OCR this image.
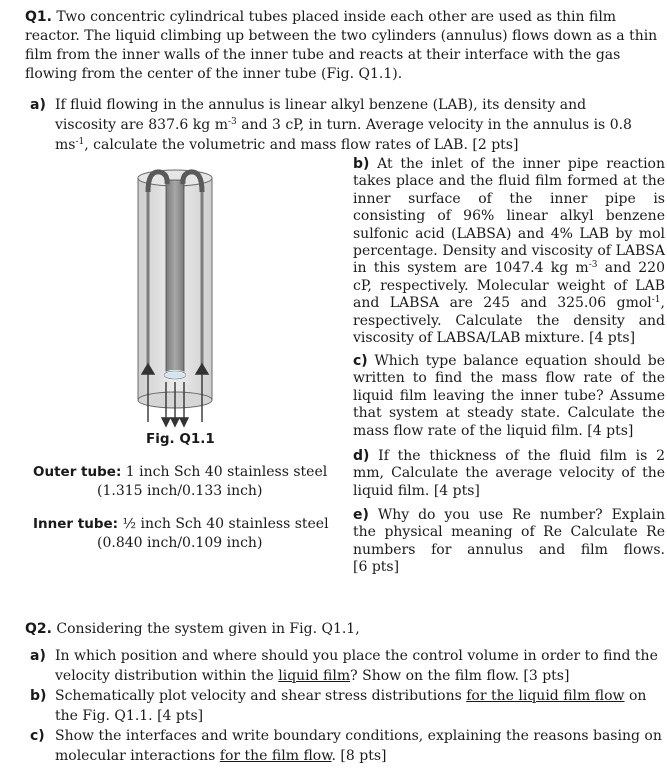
Q1. Two concentric cylindrical tubes placed inside each other are used as thin film
reactor. The liquid climbing up between the two cylinders (annulus) flows down as a thin
film from the inner walls of the inner tube and reacts at their interface with the gas
flowing from the center of the inner tube (Fig. Q1.1).
a) If fluid flowing in the annulus is linear alkyl benzene (LAB), its density and
viscosity are 837.6 kg $m^{-3}$ and 3 cP, in turn. Average velocity in the annulus is 0.8
$ms^{-1}$, calculate the volumetric and mass flow rates of LAB. [2 pts]
Fig. Q1.1
Outer tube: 1 inch Sch 40 stainless steel
(1.315 inch/0.133 inch)
Inner tube: ½ inch Sch 40 stainless steel
(0.840 inch/0.109 inch)
b) At the inlet of the inner pipe reaction
takes place and the fluid film formed at the
inner surface of the inner pipe is
consisting of 96% linear alkyl benzene
sulfonic acid (LABSA) and 4% LAB by mol
percentage. Density and viscosity of LABSA
in this system are 1047.4 kg $m^{-3}$ and 220
cP, respectively. Molecular weight of LAB
and LABSA are 245 and 325.06 gmol$^{-1}$,
respectively. Calculate the density and
viscosity of LABSA/LAB mixture. [4 pts]
c) Which type balance equation should be
written to find the mass flow rate of the
liquid film leaving the inner tube? Assume
that system at steady state. Calculate the
mass flow rate of the liquid film. [4 pts]
d) If the thickness of the fluid film is 2
mm, Calculate the average velocity of the
liquid film. [4 pts]
e) Why do you use Re number? Explain
the physical meaning of Re Calculate Re
numbers for annulus and film flows.
[6 pts]
Q2. Considering the system given in Fig. Q1.1,
a) In which position and where should you place the control volume in order to find the
velocity distribution within the liquid film? Show on the film flow. [3 pts]
b) Schematically plot velocity and shear stress distributions for the liquid film flow on
the Fig. Q1.1. [4 pts]
c) Show the interfaces and write boundary conditions, explaining the reasons basing on
molecular interactions for the film flow. [8 pts]
